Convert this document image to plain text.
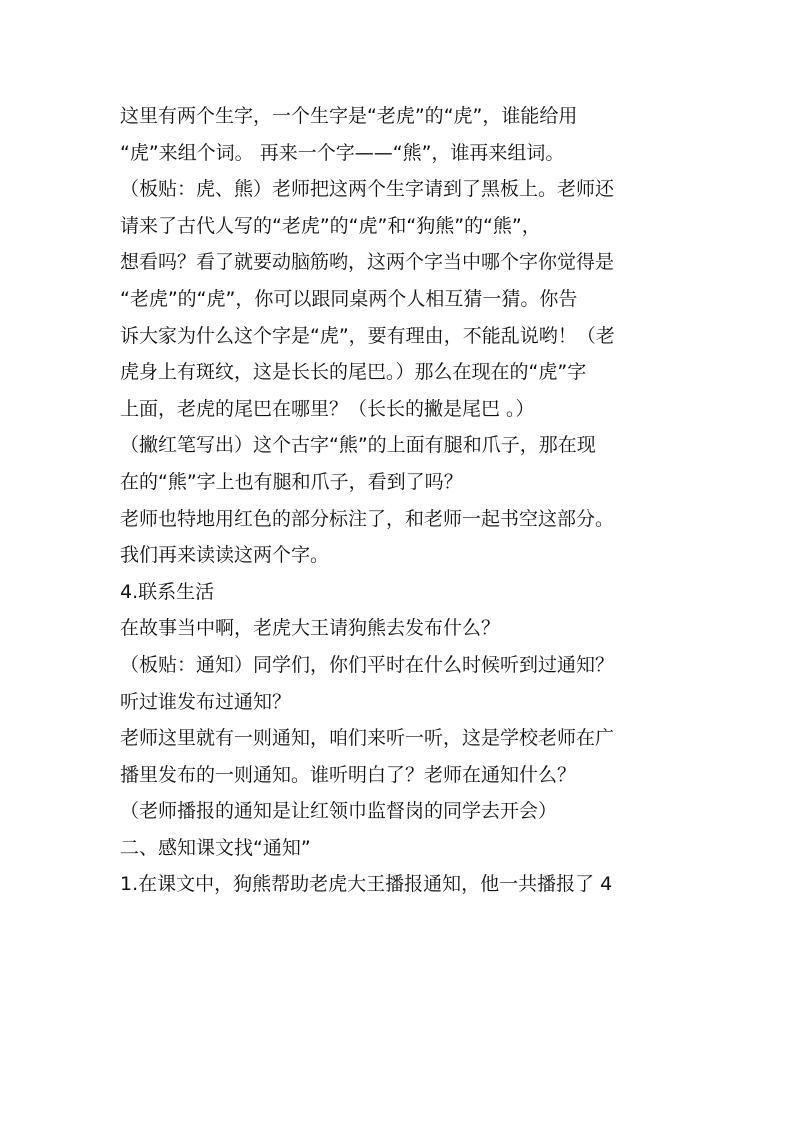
这里有两个生字，一个生字是“老虎”的“虎”，谁能给用

“虎”来组个词。 再来一个字——“熊”，谁再来组词。

（板贴：虎、熊）老师把这两个生字请到了黑板上。老师还

请来了古代人写的“老虎”的“虎”和“狗熊”的“熊”，

想看吗？看了就要动脑筋哟，这两个字当中哪个字你觉得是

“老虎”的“虎”，你可以跟同桌两个人相互猜一猜。你告

诉大家为什么这个字是“虎”，要有理由，不能乱说哟！（老

虎身上有斑纹，这是长长的尾巴。）那么在现在的“虎”字

上面，老虎的尾巴在哪里？（长长的撇是尾巴 。）

（撇红笔写出）这个古字“熊”的上面有腿和爪子，那在现

在的“熊”字上也有腿和爪子，看到了吗？

老师也特地用红色的部分标注了，和老师一起书空这部分。

我们再来读读这两个字。

4.联系生活

在故事当中啊，老虎大王请狗熊去发布什么？

（板贴：通知）同学们，你们平时在什么时候听到过通知？

听过谁发布过通知？

老师这里就有一则通知，咱们来听一听，这是学校老师在广

播里发布的一则通知。谁听明白了？老师在通知什么？

（老师播报的通知是让红领巾监督岗的同学去开会）

二、感知课文找“通知”

1.在课文中，狗熊帮助老虎大王播报通知，他一共播报了 4
